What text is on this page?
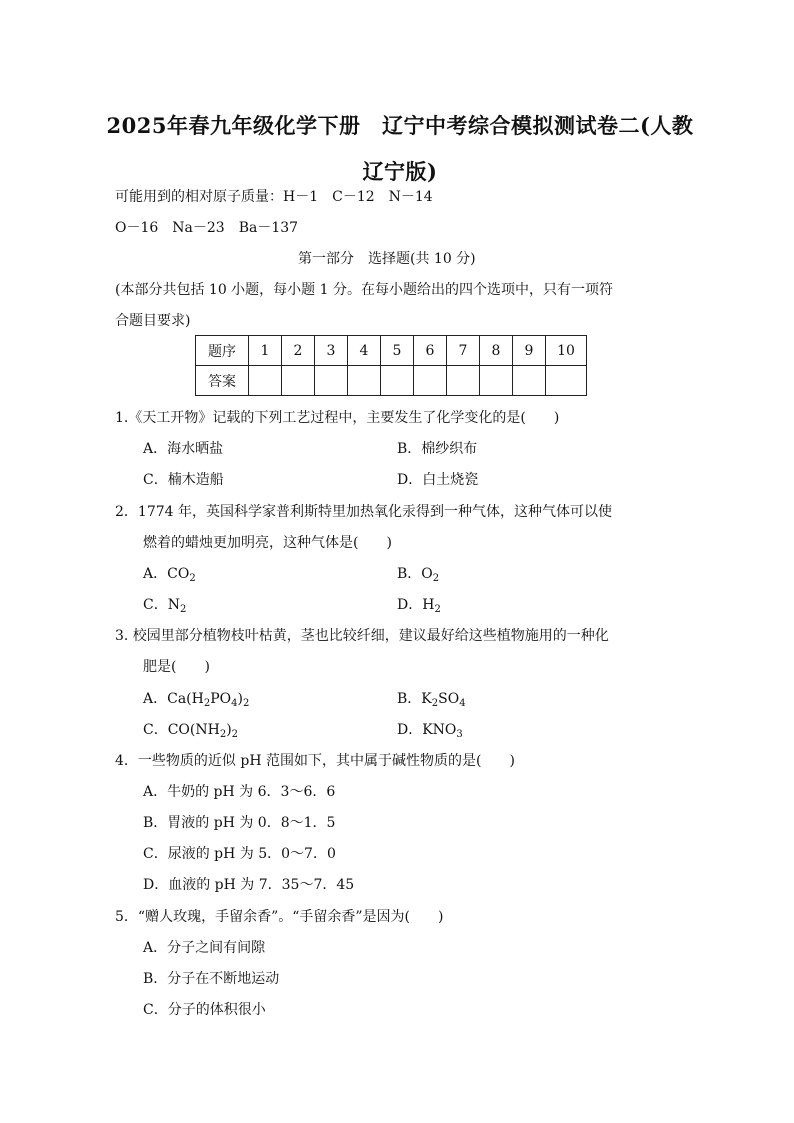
2025年春九年级化学下册　辽宁中考综合模拟测试卷二(人教辽宁版)
可能用到的相对原子质量：H－1　C－12　N－14
O－16　Na－23　Ba－137
第一部分　选择题(共 10 分)
(本部分共包括 10 小题，每小题 1 分。在每小题给出的四个选项中，只有一项符
合题目要求)
题序	1	2	3	4	5	6	7	8	9	10
答案										
1.《天工开物》记载的下列工艺过程中，主要发生了化学变化的是(　　)
A．海水晒盐	B．棉纱织布
C．楠木造船	D．白土烧瓷
2．1774 年，英国科学家普利斯特里加热氧化汞得到一种气体，这种气体可以使
燃着的蜡烛更加明亮，这种气体是(　　)
A．$CO_2$	B．$O_2$
C．$N_2$	D．$H_2$
3. 校园里部分植物枝叶枯黄，茎也比较纤细，建议最好给这些植物施用的一种化
肥是(　　)
A．$Ca(H_2PO_4)_2$	B．$K_2SO_4$
C．$CO(NH_2)_2$	D．$KNO_3$
4．一些物质的近似 pH 范围如下，其中属于碱性物质的是(　　)
A．牛奶的 pH 为 6．3～6．6
B．胃液的 pH 为 0．8～1．5
C．尿液的 pH 为 5．0～7．0
D．血液的 pH 为 7．35～7．45
5．“赠人玫瑰，手留余香”。“手留余香”是因为(　　)
A．分子之间有间隙
B．分子在不断地运动
C．分子的体积很小
